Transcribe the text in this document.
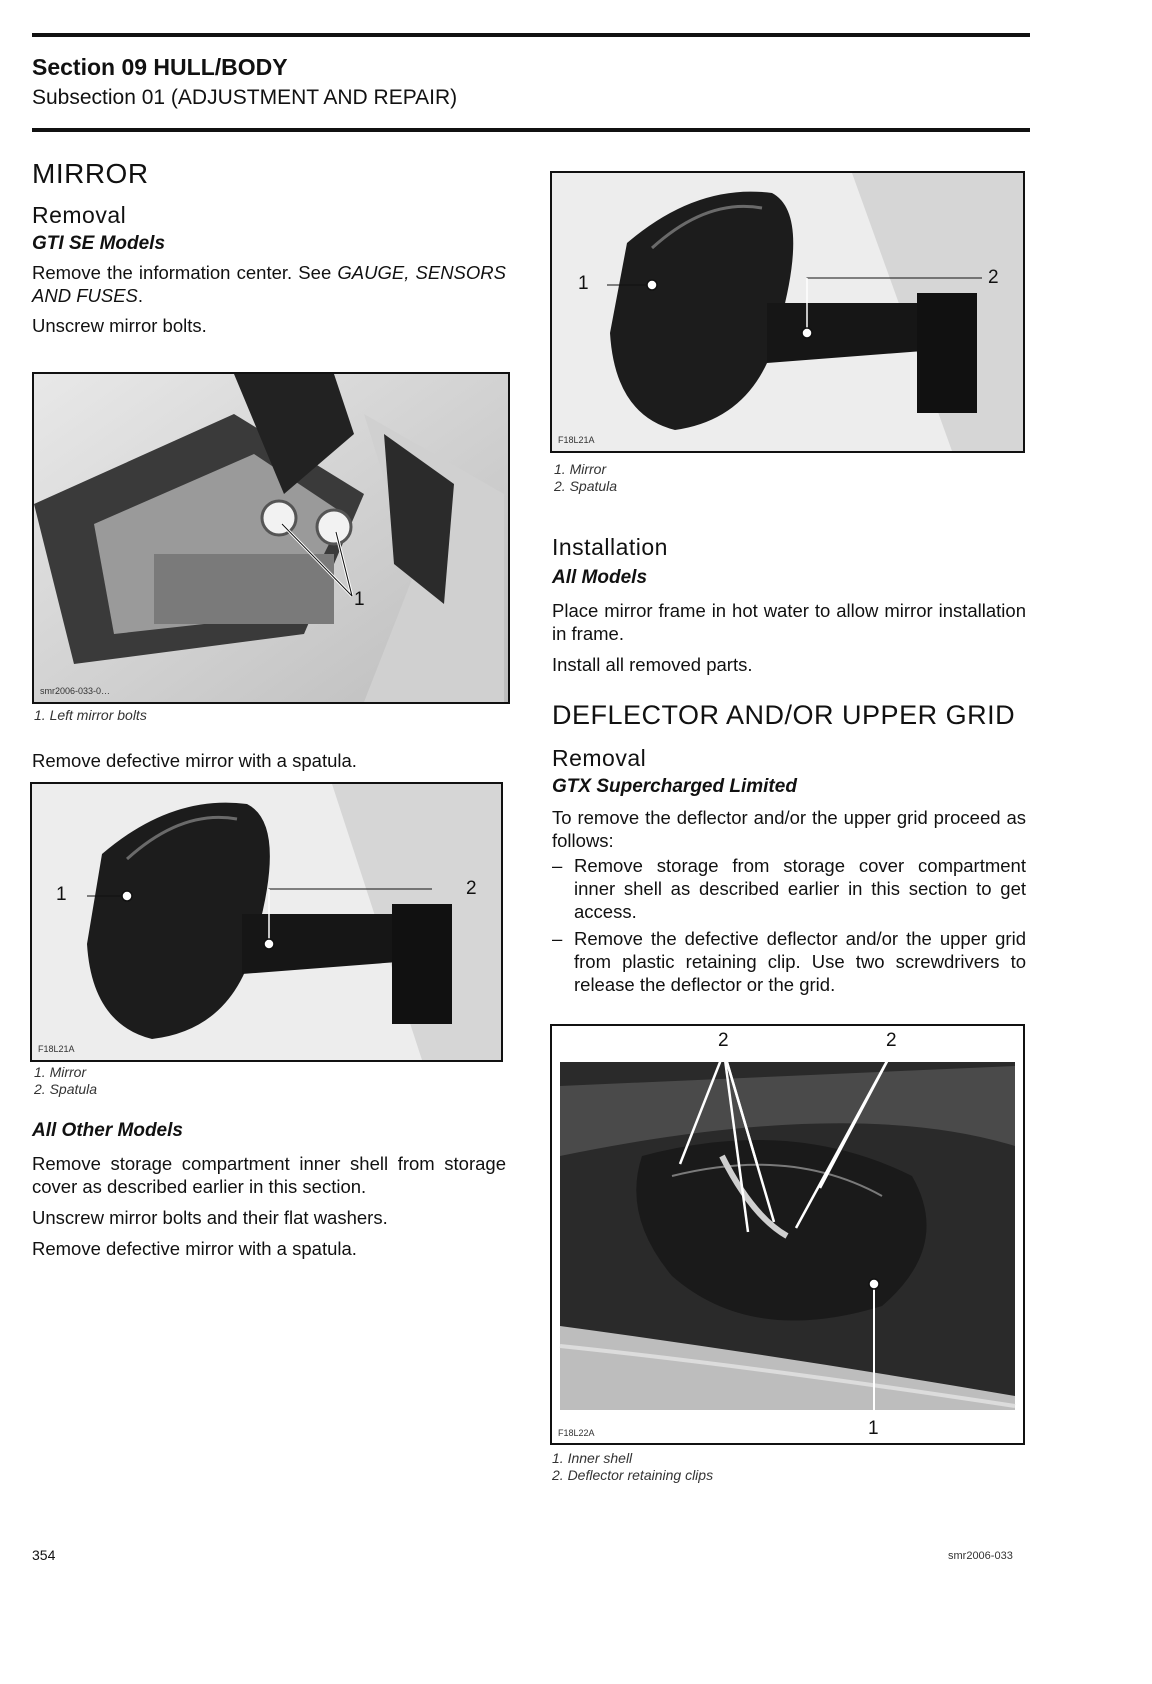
Section 09 HULL/BODY
Subsection 01 (ADJUSTMENT AND REPAIR)
MIRROR
Removal
GTI SE Models

Remove the information center. See GAUGE, SENSORS AND FUSES.

Unscrew mirror bolts.

1
smr2006-033-0…
1. Left mirror bolts

Remove defective mirror with a spatula.

1	2
F18L21A
1. Mirror
2. Spatula
All Other Models

Remove storage compartment inner shell from storage cover as described earlier in this section.

Unscrew mirror bolts and their flat washers.

Remove defective mirror with a spatula.

1	2
F18L21A
1. Mirror
2. Spatula
Installation
All Models

Place mirror frame in hot water to allow mirror installation in frame.

Install all removed parts.

DEFLECTOR AND/OR UPPER GRID
Removal
GTX Supercharged Limited

To remove the deflector and/or the upper grid proceed as follows:

– Remove storage from storage cover compartment inner shell as described earlier in this section to get access.
– Remove the defective deflector and/or the upper grid from plastic retaining clip. Use two screwdrivers to release the deflector or the grid.
2	2
1
F18L22A
1. Inner shell
2. Deflector retaining clips
354	smr2006-033
